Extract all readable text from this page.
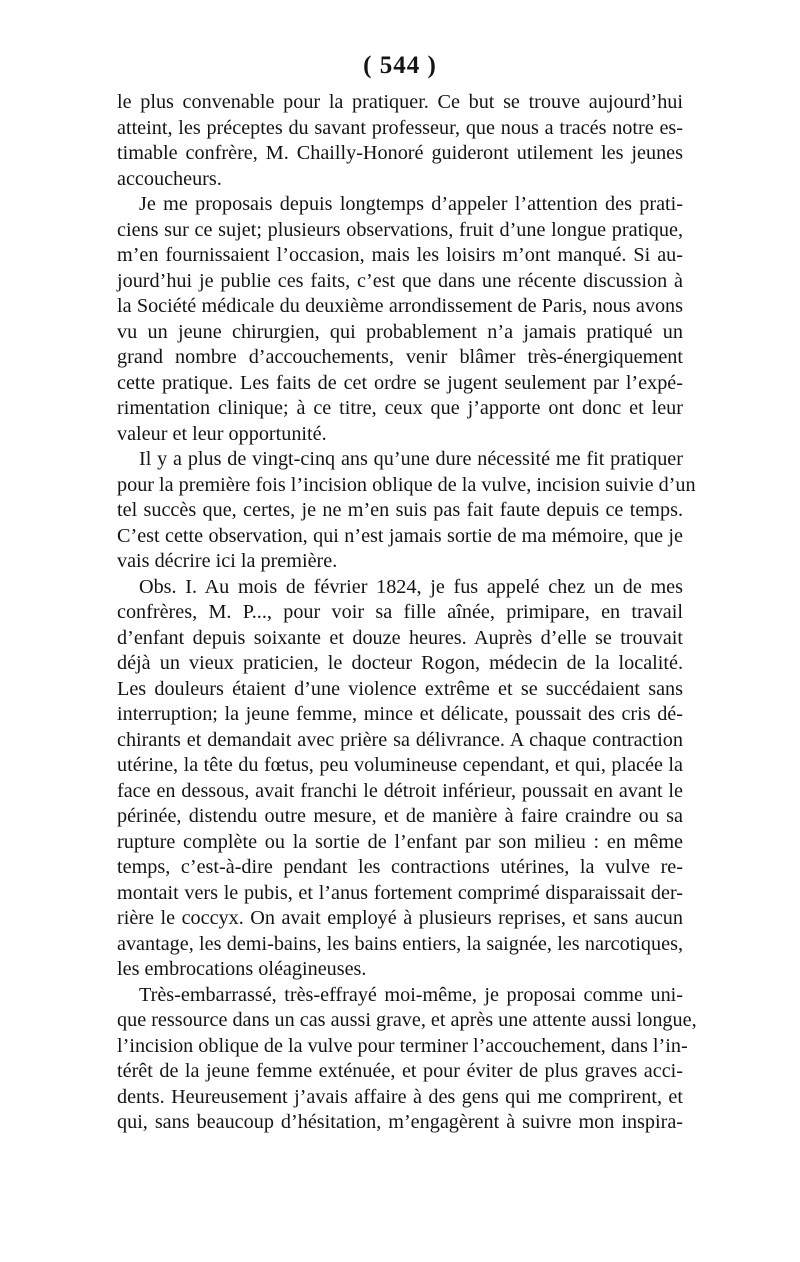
( 544 )

le plus convenable pour la pratiquer. Ce but se trouve aujourd’hui
atteint, les préceptes du savant professeur, que nous a tracés notre es-
timable confrère, M. Chailly-Honoré guideront utilement les jeunes
accoucheurs.

Je me proposais depuis longtemps d’appeler l’attention des prati-
ciens sur ce sujet; plusieurs observations, fruit d’une longue pratique,
m’en fournissaient l’occasion, mais les loisirs m’ont manqué. Si au-
jourd’hui je publie ces faits, c’est que dans une récente discussion à
la Société médicale du deuxième arrondissement de Paris, nous avons
vu un jeune chirurgien, qui probablement n’a jamais pratiqué un
grand nombre d’accouchements, venir blâmer très-énergiquement
cette pratique. Les faits de cet ordre se jugent seulement par l’expé-
rimentation clinique; à ce titre, ceux que j’apporte ont donc et leur
valeur et leur opportunité.

Il y a plus de vingt-cinq ans qu’une dure nécessité me fit pratiquer
pour la première fois l’incision oblique de la vulve, incision suivie d’un
tel succès que, certes, je ne m’en suis pas fait faute depuis ce temps.
C’est cette observation, qui n’est jamais sortie de ma mémoire, que je
vais décrire ici la première.

Obs. I. Au mois de février 1824, je fus appelé chez un de mes
confrères, M. P..., pour voir sa fille aînée, primipare, en travail
d’enfant depuis soixante et douze heures. Auprès d’elle se trouvait
déjà un vieux praticien, le docteur Rogon, médecin de la localité.
Les douleurs étaient d’une violence extrême et se succédaient sans
interruption; la jeune femme, mince et délicate, poussait des cris dé-
chirants et demandait avec prière sa délivrance. A chaque contraction
utérine, la tête du fœtus, peu volumineuse cependant, et qui, placée la
face en dessous, avait franchi le détroit inférieur, poussait en avant le
périnée, distendu outre mesure, et de manière à faire craindre ou sa
rupture complète ou la sortie de l’enfant par son milieu : en même
temps, c’est-à-dire pendant les contractions utérines, la vulve re-
montait vers le pubis, et l’anus fortement comprimé disparaissait der-
rière le coccyx. On avait employé à plusieurs reprises, et sans aucun
avantage, les demi-bains, les bains entiers, la saignée, les narcotiques,
les embrocations oléagineuses.

Très-embarrassé, très-effrayé moi-même, je proposai comme uni-
que ressource dans un cas aussi grave, et après une attente aussi longue,
l’incision oblique de la vulve pour terminer l’accouchement, dans l’in-
térêt de la jeune femme exténuée, et pour éviter de plus graves acci-
dents. Heureusement j’avais affaire à des gens qui me comprirent, et
qui, sans beaucoup d’hésitation, m’engagèrent à suivre mon inspira-
